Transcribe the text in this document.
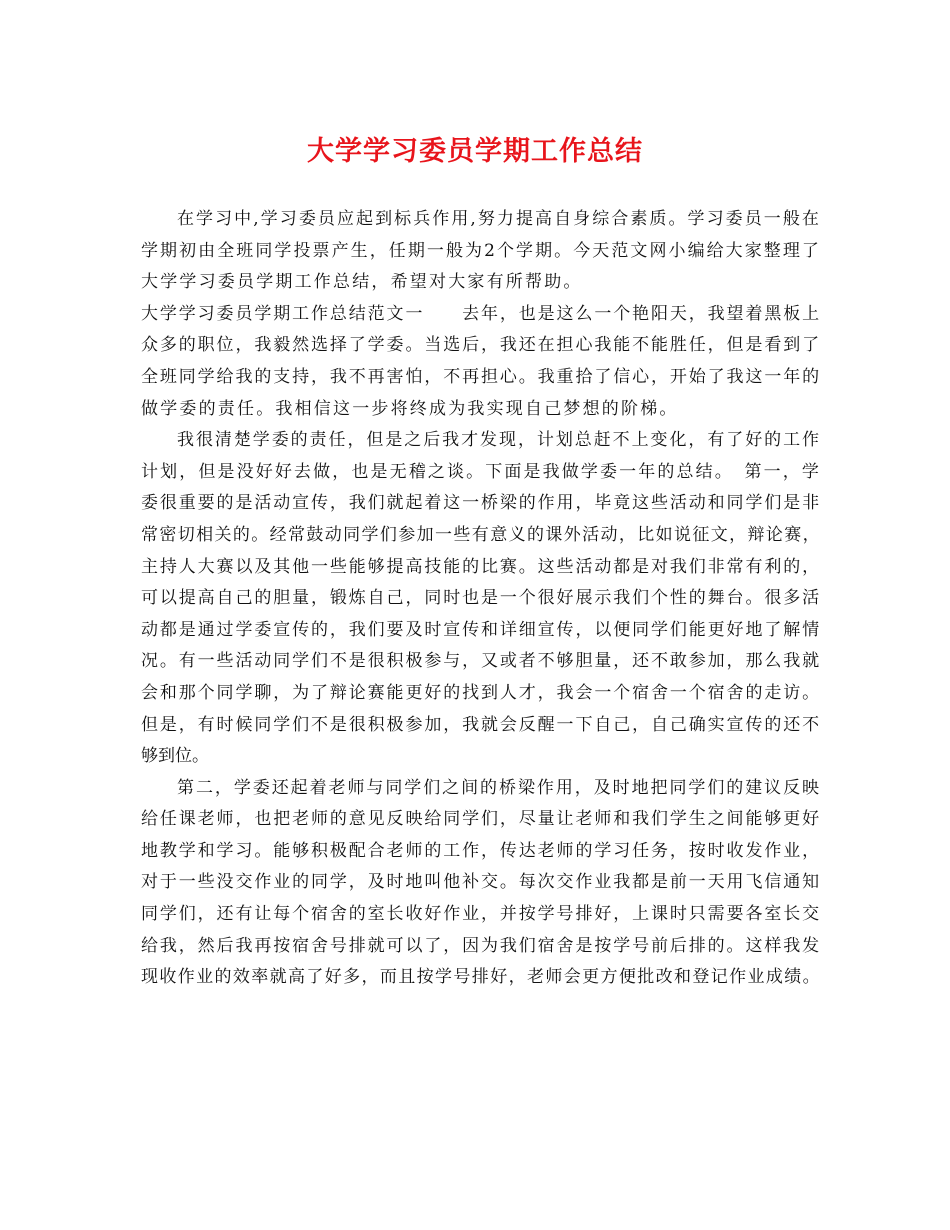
大学学习委员学期工作总结
在学习中,学习委员应起到标兵作用,努力提高自身综合素质。学习委员一般在
学期初由全班同学投票产生，任期一般为2个学期。今天范文网小编给大家整理了
大学学习委员学期工作总结，希望对大家有所帮助。
大学学习委员学期工作总结范文一　　去年，也是这么一个艳阳天，我望着黑板上
众多的职位，我毅然选择了学委。当选后，我还在担心我能不能胜任，但是看到了
全班同学给我的支持，我不再害怕，不再担心。我重拾了信心，开始了我这一年的
做学委的责任。我相信这一步将终成为我实现自己梦想的阶梯。
我很清楚学委的责任，但是之后我才发现，计划总赶不上变化，有了好的工作
计划，但是没好好去做，也是无稽之谈。下面是我做学委一年的总结。　第一，学
委很重要的是活动宣传，我们就起着这一桥梁的作用，毕竟这些活动和同学们是非
常密切相关的。经常鼓动同学们参加一些有意义的课外活动，比如说征文，辩论赛，
主持人大赛以及其他一些能够提高技能的比赛。这些活动都是对我们非常有利的，
可以提高自己的胆量，锻炼自己，同时也是一个很好展示我们个性的舞台。很多活
动都是通过学委宣传的，我们要及时宣传和详细宣传，以便同学们能更好地了解情
况。有一些活动同学们不是很积极参与，又或者不够胆量，还不敢参加，那么我就
会和那个同学聊，为了辩论赛能更好的找到人才，我会一个宿舍一个宿舍的走访。
但是，有时候同学们不是很积极参加，我就会反醒一下自己，自己确实宣传的还不
够到位。
第二，学委还起着老师与同学们之间的桥梁作用，及时地把同学们的建议反映
给任课老师，也把老师的意见反映给同学们，尽量让老师和我们学生之间能够更好
地教学和学习。能够积极配合老师的工作，传达老师的学习任务，按时收发作业，
对于一些没交作业的同学，及时地叫他补交。每次交作业我都是前一天用飞信通知
同学们，还有让每个宿舍的室长收好作业，并按学号排好，上课时只需要各室长交
给我，然后我再按宿舍号排就可以了，因为我们宿舍是按学号前后排的。这样我发
现收作业的效率就高了好多，而且按学号排好，老师会更方便批改和登记作业成绩。
